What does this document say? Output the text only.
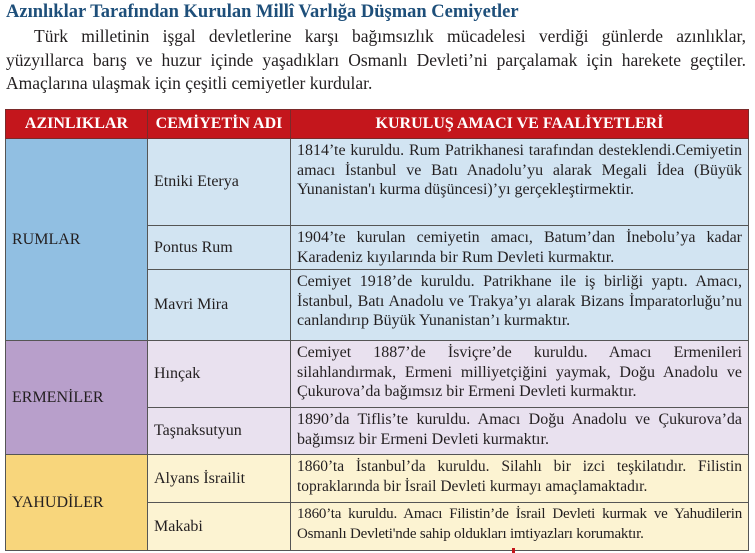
Azınlıklar Tarafından Kurulan Millî Varlığa Düşman Cemiyetler

Türk milletinin işgal devletlerine karşı bağımsızlık mücadelesi verdiği günlerde azınlıklar, yüzyıllarca barış ve huzur içinde yaşadıkları Osmanlı Devleti’ni parçalamak için harekete geçtiler. Amaçlarına ulaşmak için çeşitli cemiyetler kurdular.

AZINLIKLAR	CEMİYETİN ADI	KURULUŞ AMACI VE FAALİYETLERİ
RUMLAR	Etniki Eterya	1814’te kuruldu. Rum Patrikhanesi tarafından desteklendi.Cemiyetin amacı İstanbul ve Batı Anadolu’yu alarak Megali İdea (Büyük Yunanistan'ı kurma düşüncesi)’yı gerçekleştirmektir.
	Pontus Rum	1904’te kurulan cemiyetin amacı, Batum’dan İnebolu’ya kadar Karadeniz kıyılarında bir Rum Devleti kurmaktır.
	Mavri Mira	Cemiyet 1918’de kuruldu. Patrikhane ile iş birliği yaptı. Amacı, İstanbul, Batı Anadolu ve Trakya’yı alarak Bizans İmparatorluğu’nu canlandırıp Büyük Yunanistan’ı kurmaktır.
ERMENİLER	Hınçak	Cemiyet 1887’de İsviçre’de kuruldu. Amacı Ermenileri silahlandırmak, Ermeni milliyetçiğini yaymak, Doğu Anadolu ve Çukurova’da bağımsız bir Ermeni Devleti kurmaktır.
	Taşnaksutyun	1890’da Tiflis’te kuruldu. Amacı Doğu Anadolu ve Çukurova’da bağımsız bir Ermeni Devleti kurmaktır.
YAHUDİLER	Alyans İsrailit	1860’ta İstanbul’da kuruldu. Silahlı bir izci teşkilatıdır. Filistin topraklarında bir İsrail Devleti kurmayı amaçlamaktadır.
	Makabi	1860’ta kuruldu. Amacı Filistin’de İsrail Devleti kurmak ve Yahudilerin Osmanlı Devleti'nde sahip oldukları imtiyazları korumaktır.
